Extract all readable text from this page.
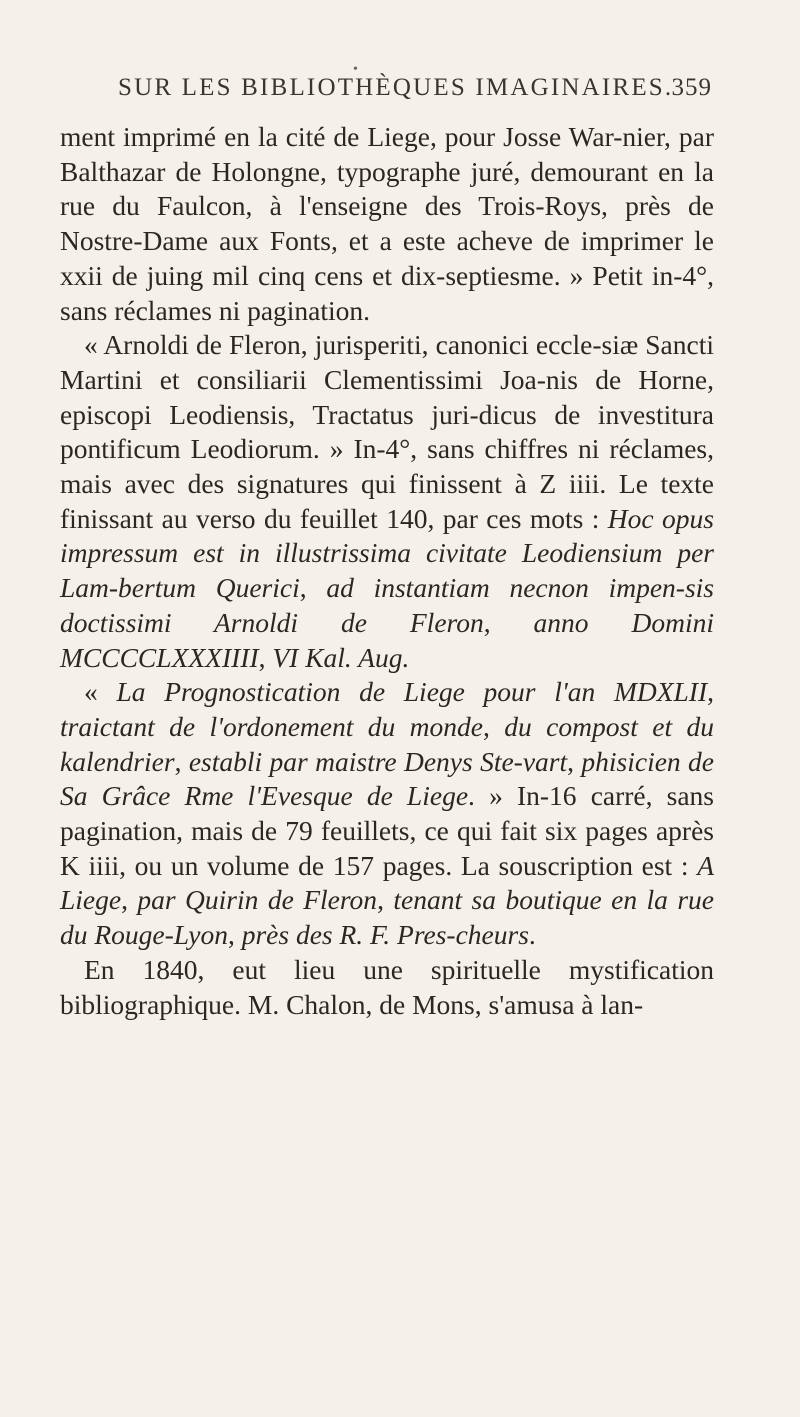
•
SUR LES BIBLIOTHÈQUES IMAGINAIRES.
359

ment imprimé en la cité de Liege, pour Josse War-nier, par Balthazar de Holongne, typographe juré, demourant en la rue du Faulcon, à l'enseigne des Trois-Roys, près de Nostre-Dame aux Fonts, et a este acheve de imprimer le xxii de juing mil cinq cens et dix-septiesme. » Petit in-4°, sans réclames ni pagination.

« Arnoldi de Fleron, jurisperiti, canonici eccle-siæ Sancti Martini et consiliarii Clementissimi Joa-nis de Horne, episcopi Leodiensis, Tractatus juri-dicus de investitura pontificum Leodiorum. » In-4°, sans chiffres ni réclames, mais avec des signatures qui finissent à Z iiii. Le texte finissant au verso du feuillet 140, par ces mots : Hoc opus impressum est in illustrissima civitate Leodiensium per Lam-bertum Querici, ad instantiam necnon impen-sis doctissimi Arnoldi de Fleron, anno Domini MCCCCLXXXIIII, VI Kal. Aug.

« La Prognostication de Liege pour l'an MDXLII, traictant de l'ordonement du monde, du compost et du kalendrier, establi par maistre Denys Ste-vart, phisicien de Sa Grâce Rme l'Evesque de Liege. » In-16 carré, sans pagination, mais de 79 feuillets, ce qui fait six pages après K iiii, ou un volume de 157 pages. La souscription est : A Liege, par Quirin de Fleron, tenant sa boutique en la rue du Rouge-Lyon, près des R. F. Pres-cheurs.

En 1840, eut lieu une spirituelle mystification bibliographique. M. Chalon, de Mons, s'amusa à lan-
